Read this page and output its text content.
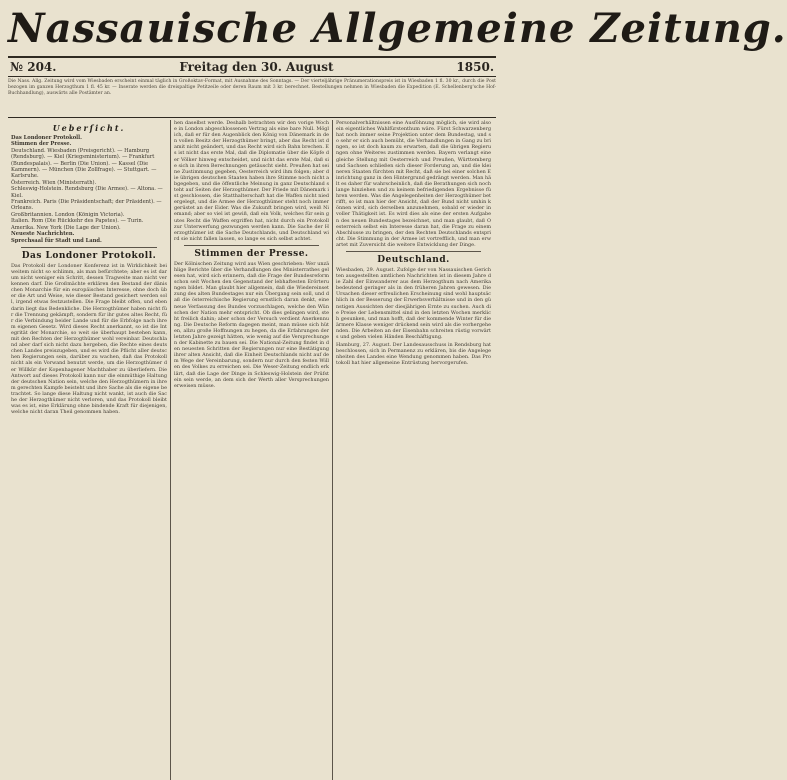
Nassauische Allgemeine Zeitung.
№ 204.	Freitag den 30. August	1850.
Die Nass. Allg. Zeitung wird vom Wiesbaden erscheint einmal täglich in Großoktav-Format, mit Ausnahme des Sonntags. — Der vierteljährige Pränumerationspreis ist in Wiesbaden 1 fl. 30 kr., durch die Post bezogen im ganzen Herzogthum 1 fl. 45 kr. — Inserate werden die dreispaltige Petitzeile oder deren Raum mit 3 kr. berechnet. Bestellungen nehmen in Wiesbaden die Expedition (E. Schellenberg'sche Hof-Buchhandlung), auswärts alle Postämter an.
Ueberſicht.
Das Londoner Protokoll.
Stimmen der Presse.
Deutschland. Wiesbaden (Preisgericht). — Hamburg (Rendsburg). — Kiel (Kriegsministerium). — Frankfurt (Bundespalais). — Berlin (Die Union). — Kassel (Die Kammern). — München (Die Zollfrage). — Stuttgart. — Karlsruhe.
Österreich. Wien (Ministerrath).
Schleswig-Holstein. Rendsburg (Die Armee). — Altona. — Kiel.
Frankreich. Paris (Die Präsidentschaft; der Präsident). — Orleans.
Großbritannien. London (Königin Victoria).
Italien. Rom (Die Rückkehr des Papstes). — Turin.
Amerika. New York (Die Lage der Union).
Neueste Nachrichten.
Sprechsaal für Stadt und Land.
Das Londoner Protokoll.

Das Protokoll der Londoner Konferenz ist in Wirklichkeit bei weitem nicht so schlimm, als man befürchtete; aber es ist darum nicht weniger ein Schritt, dessen Tragweite man nicht verkennen darf. Die Großmächte erklären den Bestand der dänischen Monarchie für ein europäisches Interesse, ohne doch über die Art und Weise, wie dieser Bestand gesichert werden soll, irgend etwas festzustellen. Die Frage bleibt offen, und eben darin liegt das Bedenkliche. Die Herzogthümer haben nicht für die Trennung gekämpft, sondern für ihr gutes altes Recht, für die Verbindung beider Lande und für die Erbfolge nach ihrem eigenen Gesetz. Wird dieses Recht anerkannt, so ist die Integrität der Monarchie, so weit sie überhaupt bestehen kann, mit den Rechten der Herzogthümer wohl vereinbar. Deutschland aber darf sich nicht dazu hergeben, die Rechte eines deutschen Landes preiszugeben, und es wird die Pflicht aller deutschen Regierungen sein, darüber zu wachen, daß das Protokoll nicht als ein Vorwand benutzt werde, um die Herzogthümer der Willkür der Kopenhagener Machthaber zu überliefern. Die Antwort auf dieses Protokoll kann nur die einmüthige Haltung der deutschen Nation sein, welche den Herzogthümern in ihrem gerechten Kampfe beisteht und ihre Sache als die eigene betrachtet. So lange diese Haltung nicht wankt, ist auch die Sache der Herzogthümer nicht verloren, und das Protokoll bleibt was es ist, eine Erklärung ohne bindende Kraft für diejenigen, welche nicht daran Theil genommen haben.

hen daselbst werde. Deshalb betrachten wir den vorige Woche in London abgeschlossenen Vertrag als eine bare Null. Möglich, daß er für den Augenblick den König von Dänemark in den vollen Besitz der Herzogthümer bringt, aber das Recht ist damit nicht geändert, und das Recht wird sich Bahn brechen. Es ist nicht das erste Mal, daß die Diplomatie über die Köpfe der Völker hinweg entscheidet, und nicht das erste Mal, daß sie sich in ihren Berechnungen getäuscht sieht. Preußen hat seine Zustimmung gegeben, Oesterreich wird ihm folgen; aber die übrigen deutschen Staaten haben ihre Stimme noch nicht abgegeben, und die öffentliche Meinung in ganz Deutschland steht auf Seiten der Herzogthümer. Der Friede mit Dänemark ist geschlossen, die Statthalterschaft hat die Waffen nicht niedergelegt, und die Armee der Herzogthümer steht noch immer gerüstet an der Eider. Was die Zukunft bringen wird, weiß Niemand; aber so viel ist gewiß, daß ein Volk, welches für sein gutes Recht die Waffen ergriffen hat, nicht durch ein Protokoll zur Unterwerfung gezwungen werden kann. Die Sache der Herzogthümer ist die Sache Deutschlands, und Deutschland wird sie nicht fallen lassen, so lange es sich selbst achtet.

Stimmen der Presse.

Der Kölnischen Zeitung wird aus Wien geschrieben: Wer unzählige Berichte über die Verhandlungen des Ministerrathes gelesen hat, wird sich erinnern, daß die Frage der Bundesreform schon seit Wochen den Gegenstand der lebhaftesten Erörterungen bildet. Man glaubt hier allgemein, daß die Wiedereinsetzung des alten Bundestages nur ein Übergang sein soll, und daß die österreichische Regierung ernstlich daran denkt, eine neue Verfassung des Bundes vorzuschlagen, welche den Wünschen der Nation mehr entspricht. Ob dies gelingen wird, steht freilich dahin; aber schon der Versuch verdient Anerkennung. Die Deutsche Reform dagegen meint, man müsse sich hüten, allzu große Hoffnungen zu hegen, da die Erfahrungen der letzten Jahre gezeigt hätten, wie wenig auf die Versprechungen der Kabinette zu bauen sei. Die National-Zeitung findet in den neuesten Schritten der Regierungen nur eine Bestätigung ihrer alten Ansicht, daß die Einheit Deutschlands nicht auf dem Wege der Vereinbarung, sondern nur durch den festen Willen des Volkes zu erreichen sei. Die Weser-Zeitung endlich erklärt, daß die Lage der Dinge in Schleswig-Holstein der Prüfstein sein werde, an dem sich der Werth aller Versprechungen erweisen müsse.

Personalverhältnissen eine Ausföhnung möglich, sie wird also ein eigentliches Wahlfürstenthum wäre. Fürst Schwarzenberg hat noch immer seine Projektion unter dem Bundestag, und so sehr er sich auch bemüht, die Verhandlungen in Gang zu bringen, so ist doch kaum zu erwarten, daß die übrigen Regierungen ohne Weiteres zustimmen werden. Bayern verlangt eine gleiche Stellung mit Oesterreich und Preußen, Württemberg und Sachsen schließen sich dieser Forderung an, und die kleineren Staaten fürchten mit Recht, daß sie bei einer solchen Einrichtung ganz in den Hintergrund gedrängt werden. Man hält es daher für wahrscheinlich, daß die Berathungen sich noch lange hinziehen und zu keinem befriedigenden Ergebnisse führen werden. Was die Angelegenheiten der Herzogthümer betrifft, so ist man hier der Ansicht, daß der Bund nicht umhin können wird, sich derselben anzunehmen, sobald er wieder in voller Thätigkeit ist. Es wird dies als eine der ersten Aufgaben des neuen Bundestages bezeichnet, und man glaubt, daß Oesterreich selbst ein Interesse daran hat, die Frage zu einem Abschlusse zu bringen, der den Rechten Deutschlands entspricht. Die Stimmung in der Armee ist vortrefflich, und man erwartet mit Zuversicht die weitere Entwicklung der Dinge.

Deutschland.

Wiesbaden, 29. August. Zufolge der von Nassauischen Gerichten ausgestellten amtlichen Nachrichten ist in diesem Jahre die Zahl der Einwanderer aus dem Herzogthum nach Amerika bedeutend geringer als in den früheren Jahren gewesen. Die Ursachen dieser erfreulichen Erscheinung sind wohl hauptsächlich in der Besserung der Erwerbsverhältnisse und in den günstigen Aussichten der diesjährigen Ernte zu suchen. Auch die Preise der Lebensmittel sind in den letzten Wochen merklich gesunken, und man hofft, daß der kommende Winter für die ärmere Klasse weniger drückend sein wird als die vorhergehenden. Die Arbeiten an der Eisenbahn schreiten rüstig vorwärts und geben vielen Händen Beschäftigung.

Hamburg, 27. August. Der Landesausschuss in Rendsburg hat beschlossen, sich in Permanenz zu erklären, bis die Angelegenheiten des Landes eine Wendung genommen haben. Das Protokoll hat hier allgemeine Entrüstung hervorgerufen.
